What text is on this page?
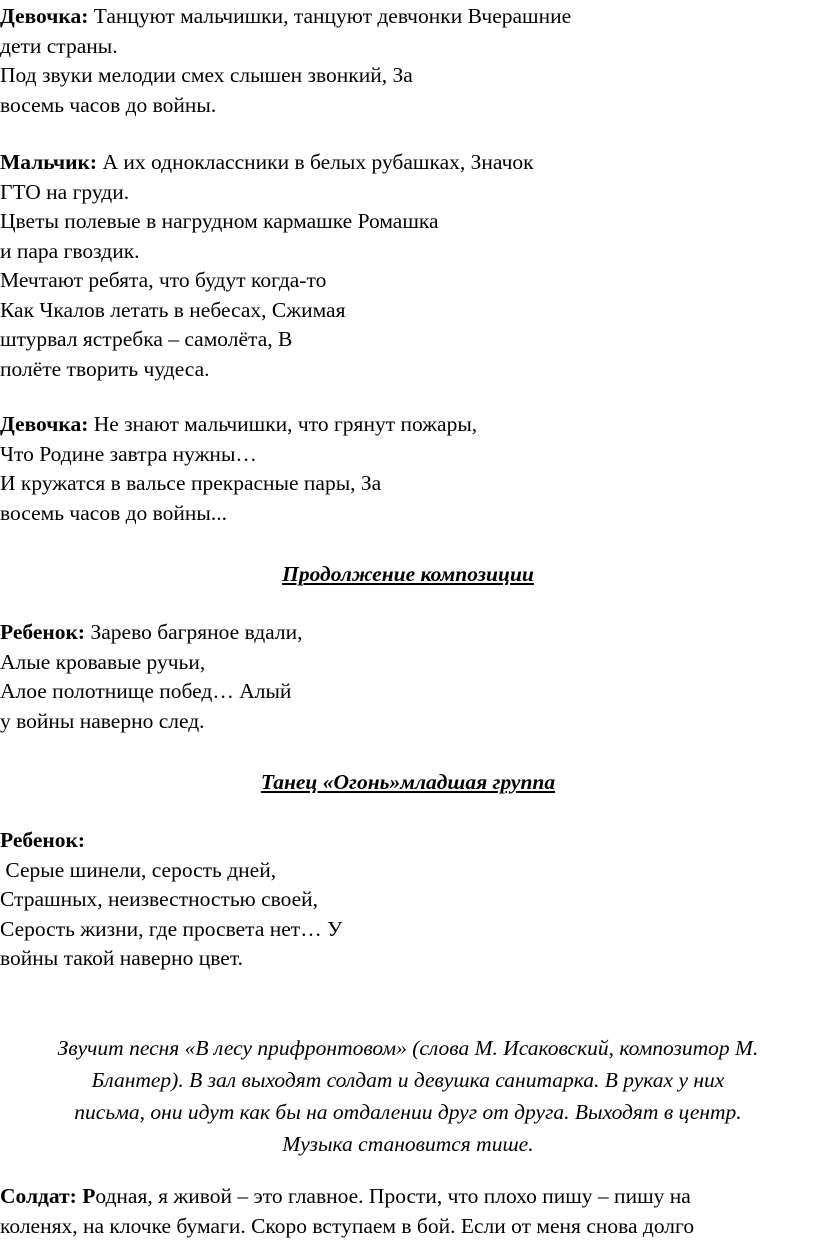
Девочка: Танцуют мальчишки, танцуют девчонки Вчерашние
дети страны.
Под звуки мелодии смех слышен звонкий, За
восемь часов до войны.
Мальчик: А их одноклассники в белых рубашках, Значок
ГТО на груди.
Цветы полевые в нагрудном кармашке Ромашка
и пара гвоздик.
Мечтают ребята, что будут когда-то
Как Чкалов летать в небесах, Сжимая
штурвал ястребка – самолёта, В
полёте творить чудеса.
Девочка: Не знают мальчишки, что грянут пожары,
Что Родине завтра нужны…
И кружатся в вальсе прекрасные пары, За
восемь часов до войны...
Продолжение композиции
Ребенок: Зарево багряное вдали,
Алые кровавые ручьи,
Алое полотнище побед… Алый
у войны наверно след.
Танец «Огонь»младшая группа
Ребенок:
Серые шинели, серость дней,
Страшных, неизвестностью своей,
Серость жизни, где просвета нет… У
войны такой наверно цвет.
Звучит песня «В лесу прифронтовом» (слова М. Исаковский, композитор М.
Блантер). В зал выходят солдат и девушка санитарка. В руках у них
письма, они идут как бы на отдалении друг от друга. Выходят в центр.
Музыка становится тише.
Солдат: Родная, я живой – это главное. Прости, что плохо пишу – пишу на
коленях, на клочке бумаги. Скоро вступаем в бой. Если от меня снова долго
